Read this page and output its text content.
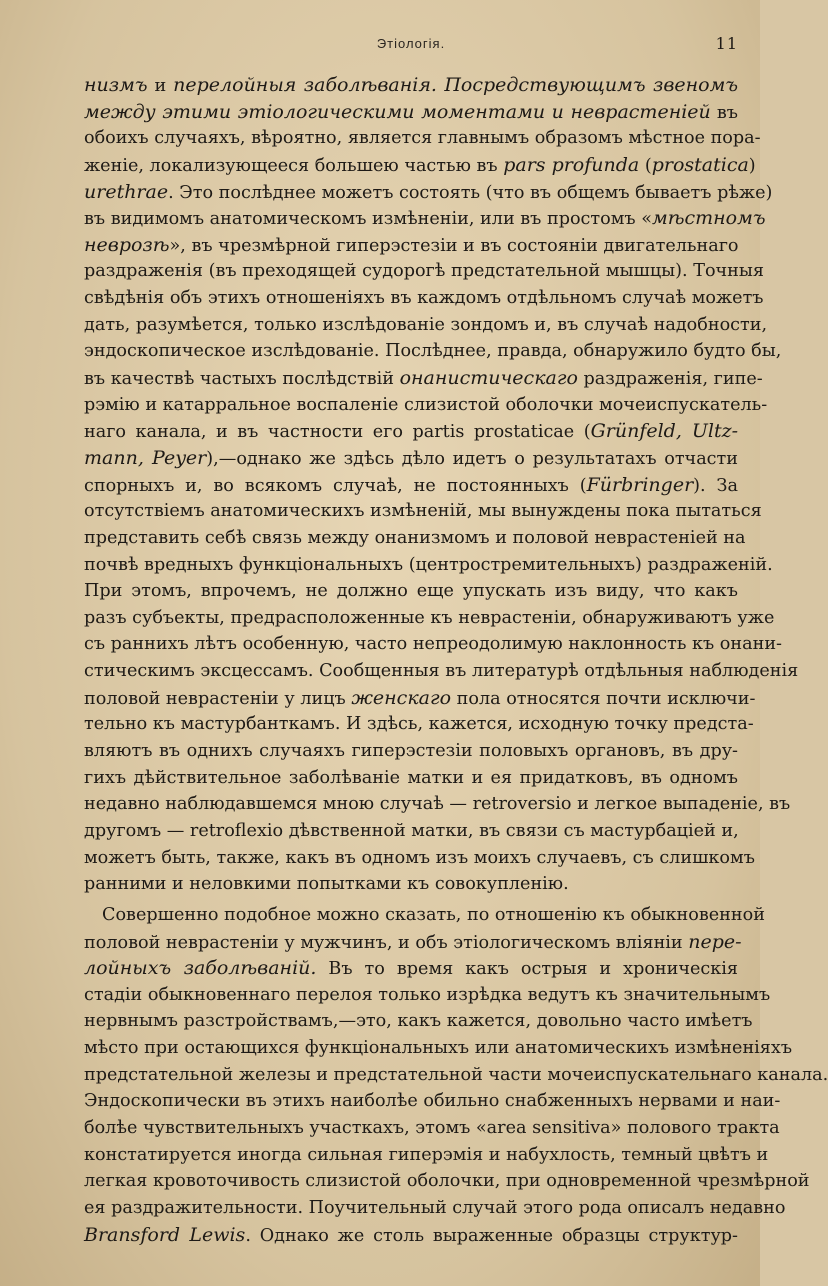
Этіологія.	11
низмъ и перелойныя заболѣванія. Посредствующимъ звеномъ
между этими этіологическими моментами и неврастеніей въ
обоихъ случаяхъ, вѣроятно, является главнымъ образомъ мѣстное пора-
женіе, локализующееся большею частью въ pars profunda (prostatica)
urethrae. Это послѣднее можетъ состоять (что въ общемъ бываетъ рѣже)
въ видимомъ анатомическомъ измѣненіи, или въ простомъ «мѣстномъ
неврозѣ», въ чрезмѣрной гиперэстезіи и въ состояніи двигательнаго
раздраженія (въ преходящей судорогѣ предстательной мышцы). Точныя
свѣдѣнія объ этихъ отношеніяхъ въ каждомъ отдѣльномъ случаѣ можетъ
дать, разумѣется, только изслѣдованіе зондомъ и, въ случаѣ надобности,
эндоскопическое изслѣдованіе. Послѣднее, правда, обнаружило будто бы,
въ качествѣ частыхъ послѣдствій онанистическаго раздраженія, гипе-
рэмію и катарральное воспаленіе слизистой оболочки мочеиспускатель-
наго канала, и въ частности его partis prostaticae (Grünfeld, Ultz-
mann, Peyer),—однако же здѣсь дѣло идетъ о результатахъ отчасти
спорныхъ и, во всякомъ случаѣ, не постоянныхъ (Fürbringer). За
отсутствіемъ анатомическихъ измѣненій, мы вынуждены пока пытаться
представить себѣ связь между онанизмомъ и половой неврастеніей на
почвѣ вредныхъ функціональныхъ (центростремительныхъ) раздраженій.
При этомъ, впрочемъ, не должно еще упускать изъ виду, что какъ
разъ субъекты, предрасположенные къ неврастеніи, обнаруживаютъ уже
съ раннихъ лѣтъ особенную, часто непреодолимую наклонность къ онани-
стическимъ эксцессамъ. Сообщенныя въ литературѣ отдѣльныя наблюденія
половой неврастеніи у лицъ женскаго пола относятся почти исключи-
тельно къ мастурбанткамъ. И здѣсь, кажется, исходную точку предста-
вляютъ въ однихъ случаяхъ гиперэстезіи половыхъ органовъ, въ дру-
гихъ дѣйствительное заболѣваніе матки и ея придатковъ, въ одномъ
недавно наблюдавшемся мною случаѣ — retroversio и легкое выпаденіе, въ
другомъ — retroflexio дѣвственной матки, въ связи съ мастурбаціей и,
можетъ быть, также, какъ въ одномъ изъ моихъ случаевъ, съ слишкомъ
ранними и неловкими попытками къ совокупленію.
Совершенно подобное можно сказать, по отношенію къ обыкновенной
половой неврастеніи у мужчинъ, и объ этіологическомъ вліяніи пере-
лойныхъ заболѣваній. Въ то время какъ острыя и хроническія
стадіи обыкновеннаго перелоя только изрѣдка ведутъ къ значительнымъ
нервнымъ разстройствамъ,—это, какъ кажется, довольно часто имѣетъ
мѣсто при остающихся функціональныхъ или анатомическихъ измѣненіяхъ
предстательной железы и предстательной части мочеиспускательнаго канала.
Эндоскопически въ этихъ наиболѣе обильно снабженныхъ нервами и наи-
болѣе чувствительныхъ участкахъ, этомъ «area sensitiva» полового тракта
констатируется иногда сильная гиперэмія и набухлость, темный цвѣтъ и
легкая кровоточивость слизистой оболочки, при одновременной чрезмѣрной
ея раздражительности. Поучительный случай этого рода описалъ недавно
Bransford Lewis. Однако же столь выраженные образцы структур-
